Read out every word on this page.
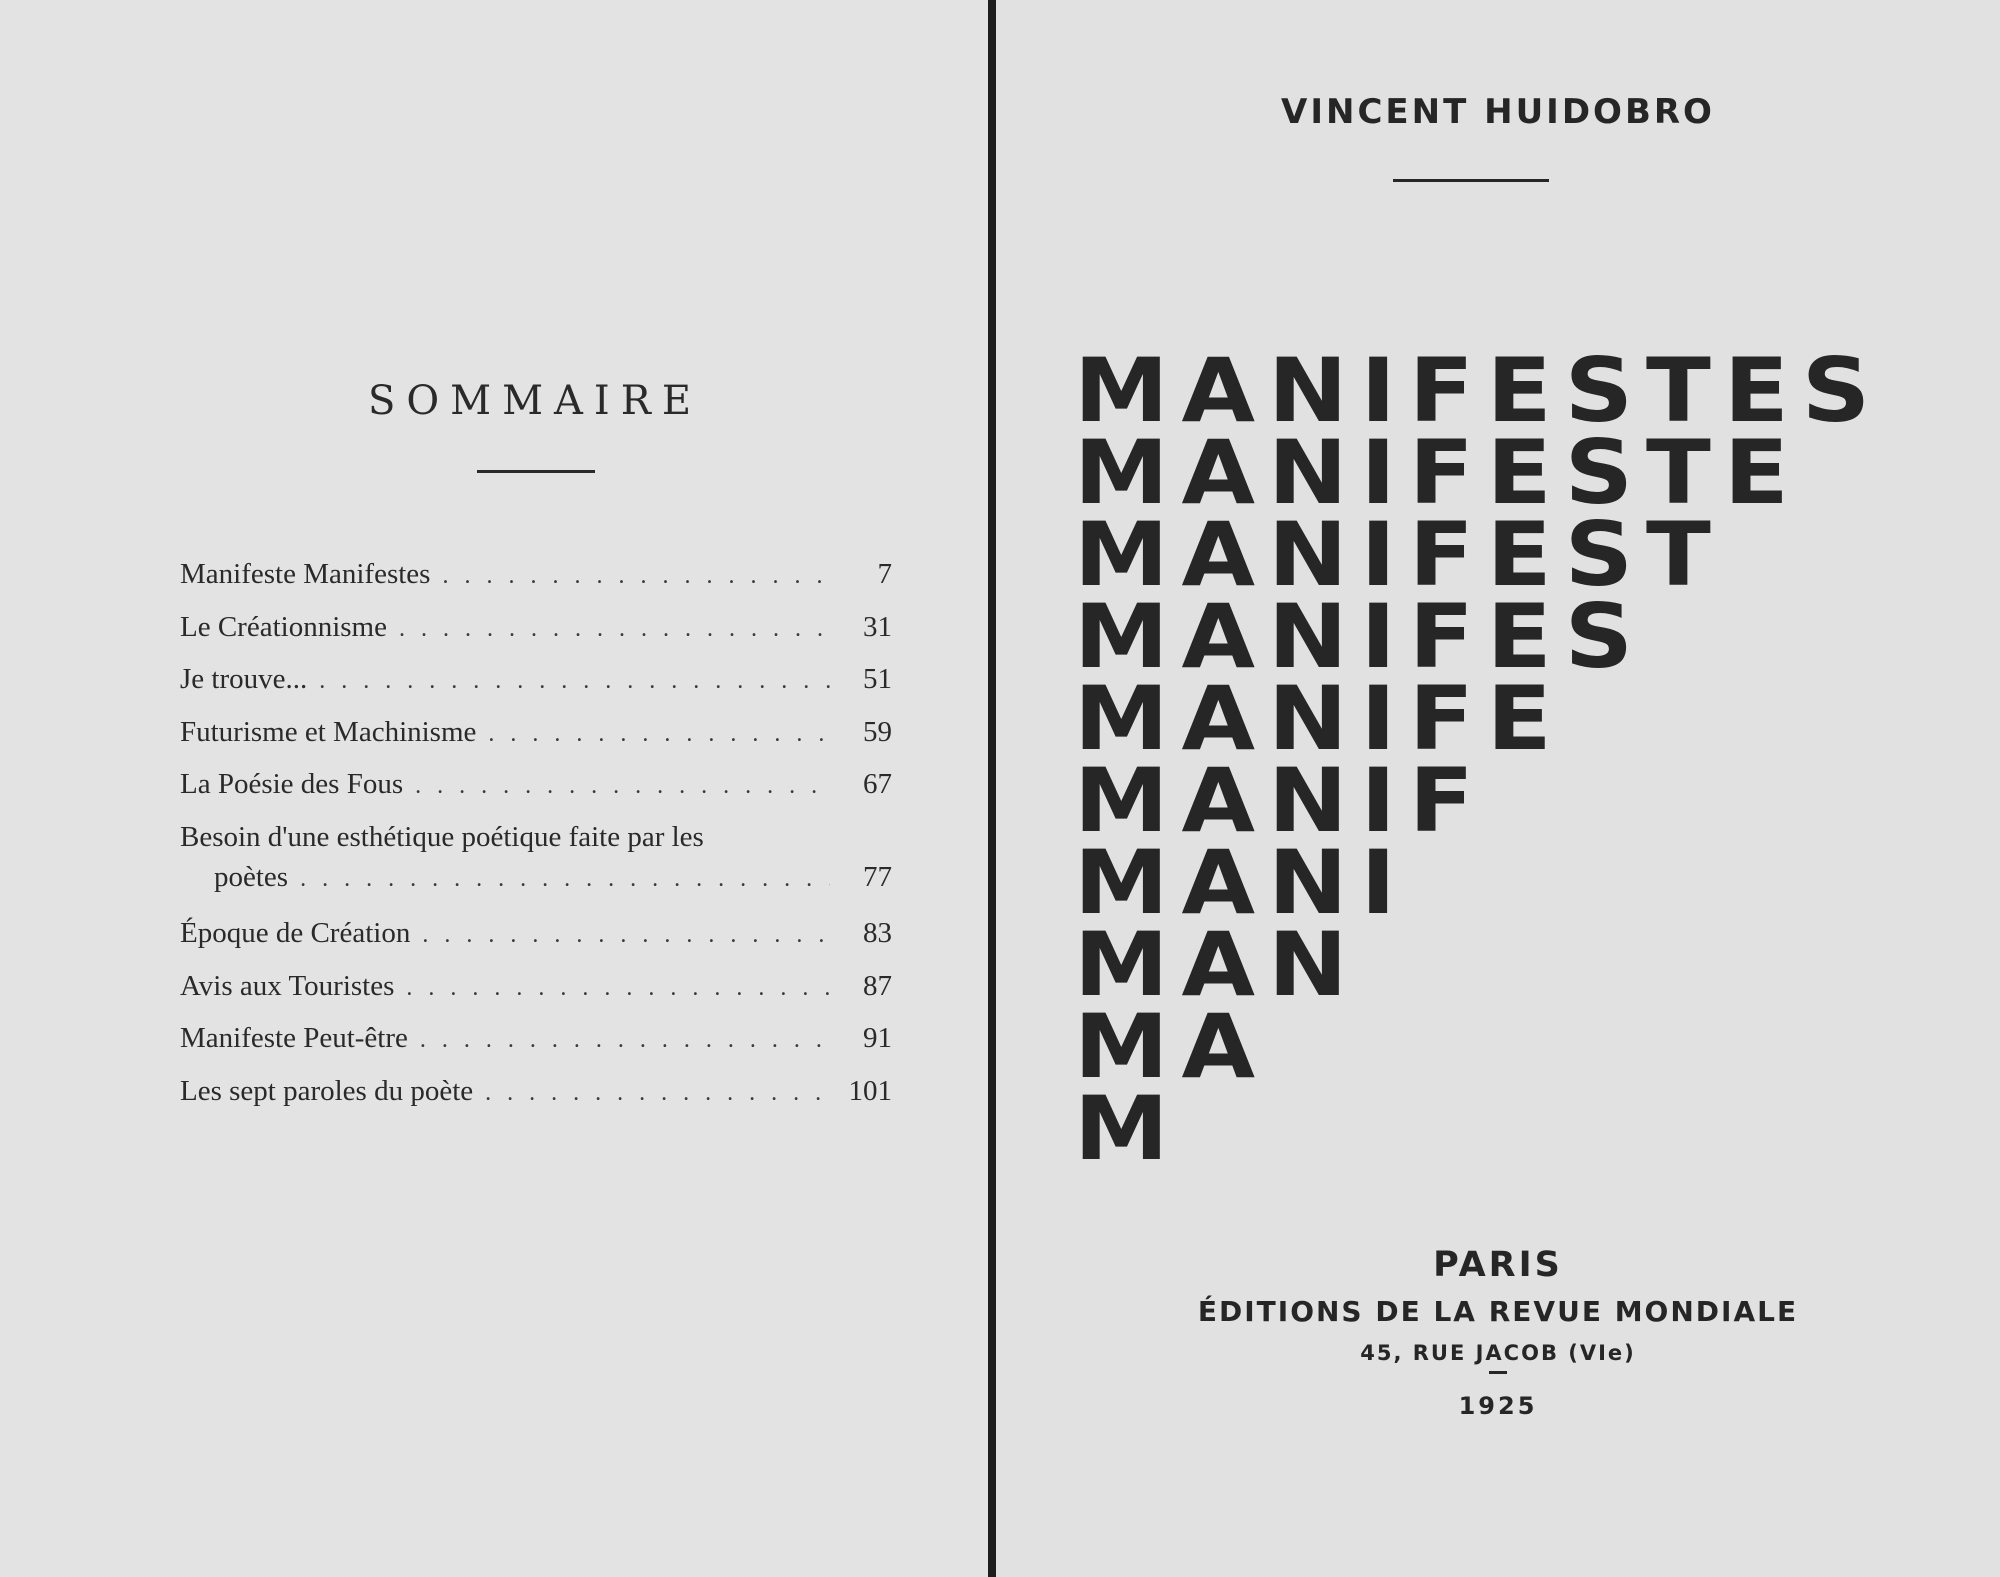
SOMMAIRE
Manifeste Manifestes . . .	7
Le Créationnisme . . .	31
Je trouve... . . .	51
Futurisme et Machinisme . . .	59
La Poésie des Fous . . .	67
Besoin d'une esthétique poétique faite par les
poètes . . .	77
Époque de Création . . .	83
Avis aux Touristes . . .	87
Manifeste Peut-être . . .	91
Les sept paroles du poète . . .	101
VINCENT HUIDOBRO
MANIFESTES
MANIFESTE
MANIFEST
MANIFES
MANIFE
MANIF
MANI
MAN
MA
M
PARIS
ÉDITIONS DE LA REVUE MONDIALE
45, RUE JACOB (VIe)
1925
